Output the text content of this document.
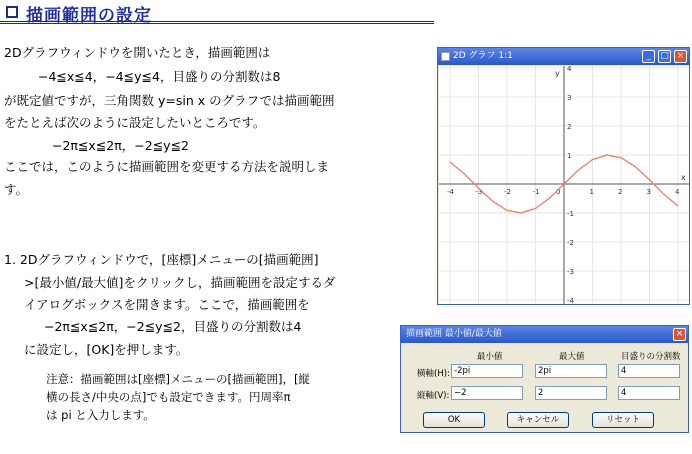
描画範囲の設定
2Dグラフウィンドウを開いたとき，描画範囲は
−4≦x≦4，−4≦y≦4，目盛りの分割数は8
が既定値ですが，三角関数 y=sin x のグラフでは描画範囲
をたとえば次のように設定したいところです。
−2π≦x≦2π，−2≦y≦2
ここでは，このように描画範囲を変更する方法を説明しま
す。
1. 2Dグラフウィンドウで，[座標]メニューの[描画範囲]
>[最小値/最大値]をクリックし，描画範囲を設定するダ
イアログボックスを開きます。ここで，描画範囲を
−2π≦x≦2π，−2≦y≦2，目盛りの分割数は4
に設定し，[OK]を押します。
注意：描画範囲は[座標]メニューの[描画範囲]，[縦
横の長さ/中央の点]でも設定できます。円周率π
は pi と入力します。
2D グラフ 1:1	_	□ ×
-4	-3	-2	-1 0	1	2	3	4
4
3
2
1
-1
-2
-3
-4
x
y
描画範囲 最小値/最大値	×
最小値	最大値	目盛りの分割数
横軸(H): -2pi	2pi	4
縦軸(V): −2	2	4
OK	キャンセル	リセット
